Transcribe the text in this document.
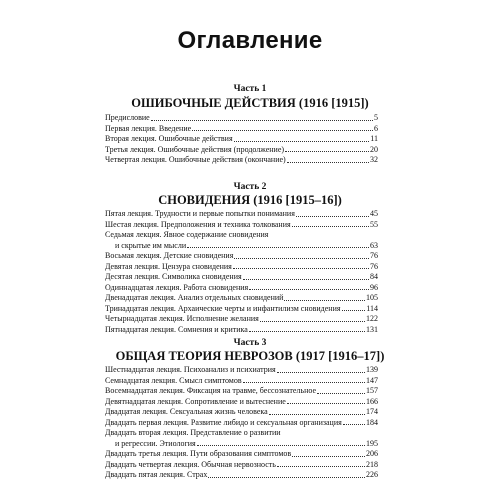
Оглавление
Часть 1
ОШИБОЧНЫЕ ДЕЙСТВИЯ (1916 [1915])
Предисловие	5
Первая лекция. Введение	6
Вторая лекция. Ошибочные действия	11
Третья лекция. Ошибочные действия (продолжение)	20
Четвертая лекция. Ошибочные действия (окончание)	32
Часть 2
СНОВИДЕНИЯ (1916 [1915–16])
Пятая лекция. Трудности и первые попытки понимания	45
Шестая лекция. Предположения и техника толкования	55
Седьмая лекция. Явное содержание сновидения
и скрытые им мысли	63
Восьмая лекция. Детские сновидения	76
Девятая лекция. Цензура сновидения	76
Десятая лекция. Символика сновидения	84
Одиннадцатая лекция. Работа сновидения	96
Двенадцатая лекция. Анализ отдельных сновидений	105
Тринадцатая лекция. Архаические черты и инфантилизм сновидения	114
Четырнадцатая лекция. Исполнение желания	122
Пятнадцатая лекция. Сомнения и критика	131
Часть 3
ОБЩАЯ ТЕОРИЯ НЕВРОЗОВ (1917 [1916–17])
Шестнадцатая лекция. Психоанализ и психиатрия	139
Семнадцатая лекция. Смысл симптомов	147
Восемнадцатая лекция. Фиксация на травме, бессознательное	157
Девятнадцатая лекция. Сопротивление и вытеснение	166
Двадцатая лекция. Сексуальная жизнь человека	174
Двадцать первая лекция. Развитие либидо и сексуальная организация	184
Двадцать вторая лекция. Представление о развитии
и регрессии. Этиология	195
Двадцать третья лекция. Пути образования симптомов	206
Двадцать четвертая лекция. Обычная нервозность	218
Двадцать пятая лекция. Страх	226
